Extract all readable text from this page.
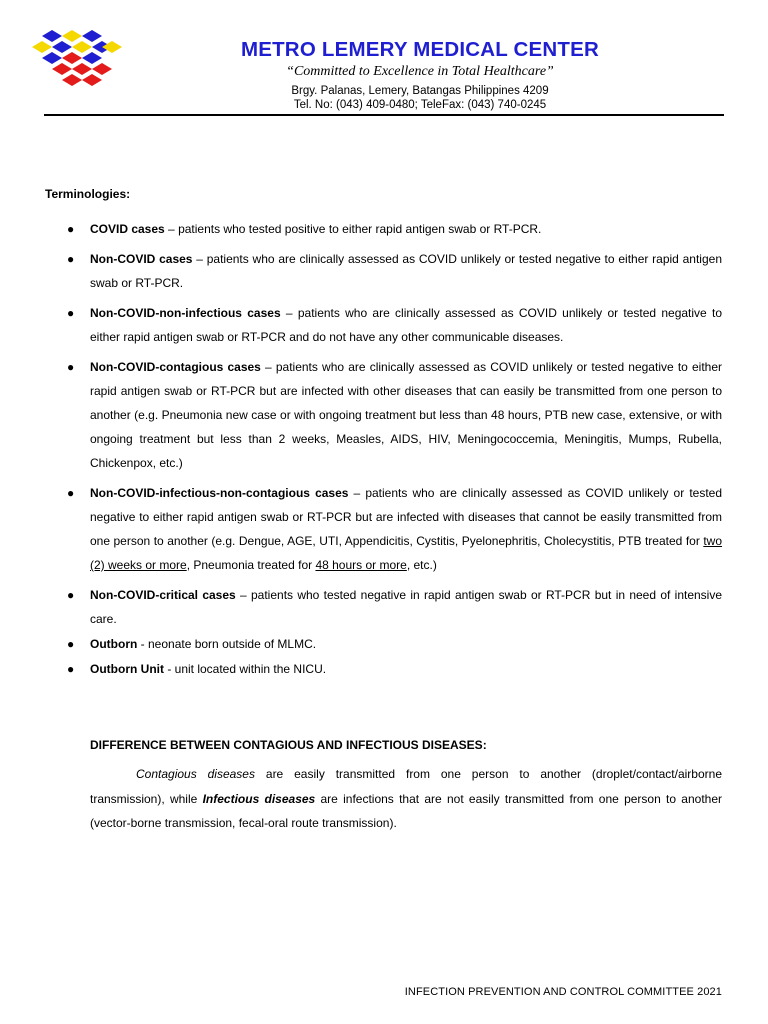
METRO LEMERY MEDICAL CENTER
“Committed to Excellence in Total Healthcare”
Brgy. Palanas, Lemery, Batangas Philippines 4209
Tel. No: (043) 409-0480; TeleFax: (043) 740-0245
Terminologies:
● COVID cases – patients who tested positive to either rapid antigen swab or RT-PCR.
● Non-COVID cases – patients who are clinically assessed as COVID unlikely or tested negative to either rapid antigen swab or RT-PCR.
● Non-COVID-non-infectious cases – patients who are clinically assessed as COVID unlikely or tested negative to either rapid antigen swab or RT-PCR and do not have any other communicable diseases.
● Non-COVID-contagious cases – patients who are clinically assessed as COVID unlikely or tested negative to either rapid antigen swab or RT-PCR but are infected with other diseases that can easily be transmitted from one person to another (e.g. Pneumonia new case or with ongoing treatment but less than 48 hours, PTB new case, extensive, or with ongoing treatment but less than 2 weeks, Measles, AIDS, HIV, Meningococcemia, Meningitis, Mumps, Rubella, Chickenpox, etc.)
● Non-COVID-infectious-non-contagious cases – patients who are clinically assessed as COVID unlikely or tested negative to either rapid antigen swab or RT-PCR but are infected with diseases that cannot be easily transmitted from one person to another (e.g. Dengue, AGE, UTI, Appendicitis, Cystitis, Pyelonephritis, Cholecystitis, PTB treated for two (2) weeks or more, Pneumonia treated for 48 hours or more, etc.)
● Non-COVID-critical cases – patients who tested negative in rapid antigen swab or RT-PCR but in need of intensive care.
● Outborn - neonate born outside of MLMC.
● Outborn Unit - unit located within the NICU.
DIFFERENCE BETWEEN CONTAGIOUS AND INFECTIOUS DISEASES:
Contagious diseases are easily transmitted from one person to another (droplet/contact/airborne transmission), while Infectious diseases are infections that are not easily transmitted from one person to another (vector-borne transmission, fecal-oral route transmission).
INFECTION PREVENTION AND CONTROL COMMITTEE 2021
